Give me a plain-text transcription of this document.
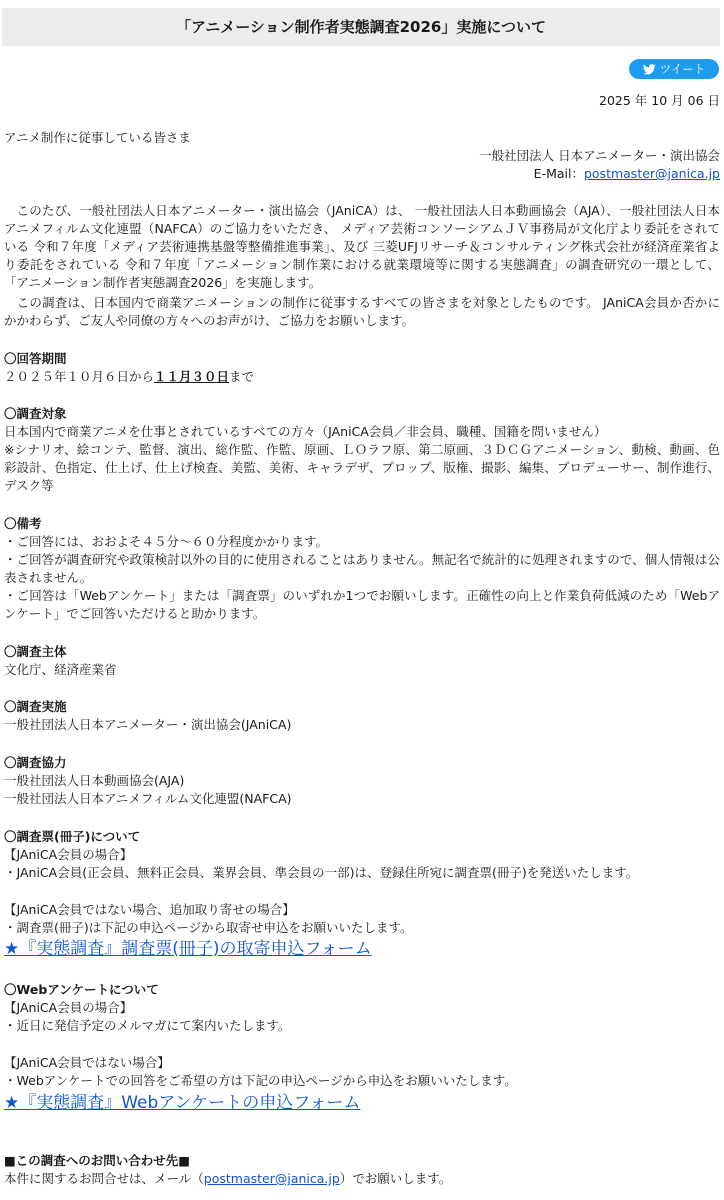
「アニメーション制作者実態調査2026」実施について
ツイート
2025 年 10 月 06 日
アニメ制作に従事している皆さま
一般社団法人 日本アニメーター・演出協会
E-Mail：postmaster@janica.jp
　このたび、一般社団法人日本アニメーター・演出協会（JAniCA）は、 一般社団法人日本動画協会（AJA）、一般社団法人日本アニメフィルム文化連盟（NAFCA）のご協力をいただき、 メディア芸術コンソーシアムＪＶ事務局が文化庁より委託をされている 令和７年度「メディア芸術連携基盤等整備推進事業」、及び 三菱UFJリサーチ＆コンサルティング株式会社が経済産業省より委託をされている 令和７年度「アニメーション制作業における就業環境等に関する実態調査」の調査研究の一環として、 「アニメーション制作者実態調査2026」を実施します。
　この調査は、日本国内で商業アニメーションの制作に従事するすべての皆さまを対象としたものです。 JAniCA会員か否かにかかわらず、ご友人や同僚の方々へのお声がけ、ご協力をお願いします。
〇回答期間
２０２５年１０月６日から１１月３０日まで
〇調査対象
日本国内で商業アニメを仕事とされているすべての方々（JAniCA会員／非会員、職種、国籍を問いません）
※シナリオ、絵コンテ、監督、演出、総作監、作監、原画、ＬＯラフ原、第二原画、３ＤＣＧアニメーション、動検、動画、色彩設計、色指定、仕上げ、仕上げ検査、美監、美術、キャラデザ、プロップ、版権、撮影、編集、プロデューサー、制作進行、デスク等
〇備考
・ご回答には、おおよそ４５分〜６０分程度かかります。
・ご回答が調査研究や政策検討以外の目的に使用されることはありません。無記名で統計的に処理されますので、個人情報は公表されません。
・ご回答は「Webアンケート」または「調査票」のいずれか1つでお願いします。正確性の向上と作業負荷低減のため「Webアンケート」でご回答いただけると助かります。
〇調査主体
文化庁、経済産業省
〇調査実施
一般社団法人日本アニメーター・演出協会(JAniCA)
〇調査協力
一般社団法人日本動画協会(AJA)
一般社団法人日本アニメフィルム文化連盟(NAFCA)
〇調査票(冊子)について
【JAniCA会員の場合】
・JAniCA会員(正会員、無料正会員、業界会員、準会員の一部)は、登録住所宛に調査票(冊子)を発送いたします。
【JAniCA会員ではない場合、追加取り寄せの場合】
・調査票(冊子)は下記の申込ページから取寄せ申込をお願いいたします。
★『実態調査』調査票(冊子)の取寄申込フォーム
〇Webアンケートについて
【JAniCA会員の場合】
・近日に発信予定のメルマガにて案内いたします。
【JAniCA会員ではない場合】
・Webアンケートでの回答をご希望の方は下記の申込ページから申込をお願いいたします。
★『実態調査』Webアンケートの申込フォーム
■この調査へのお問い合わせ先■
本件に関するお問合せは、メール（postmaster@janica.jp）でお願いします。
